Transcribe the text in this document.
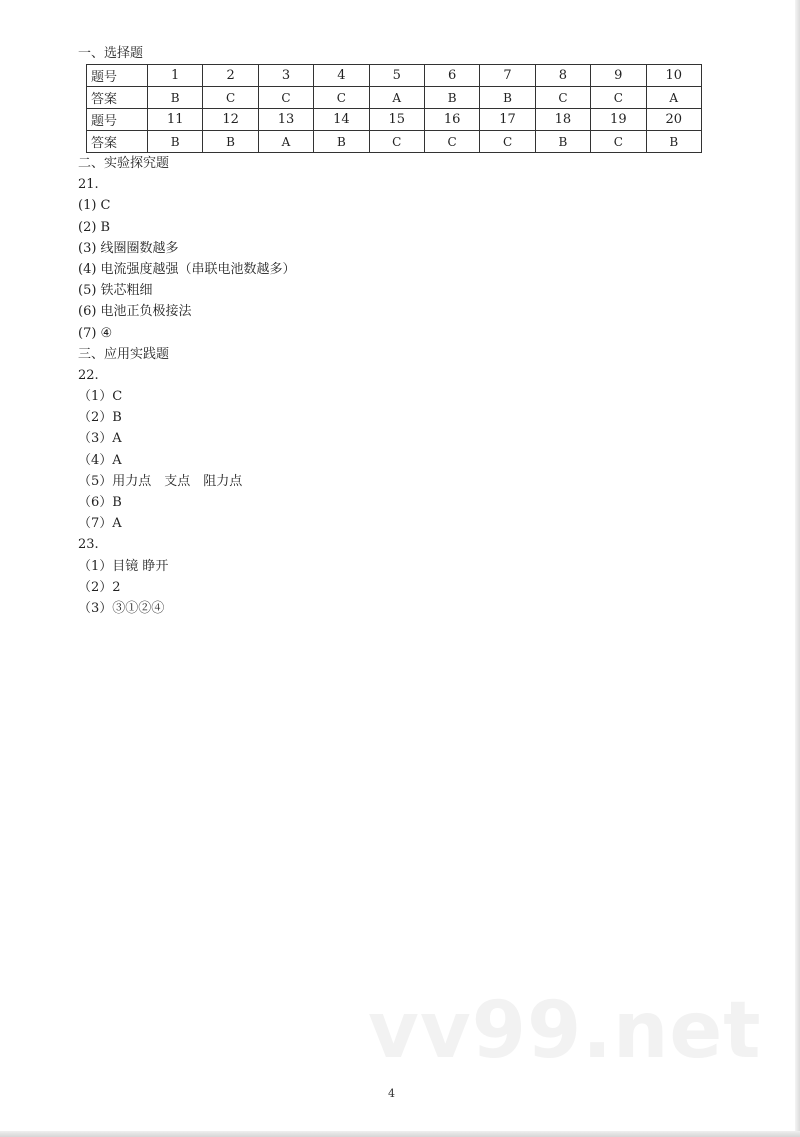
一、选择题
题号	1	2	3	4	5	6	7	8	9	10
答案	B	C	C	C	A	B	B	C	C	A
题号	11	12	13	14	15	16	17	18	19	20
答案	B	B	A	B	C	C	C	B	C	B
二、实验探究题
21.
(1) C
(2) B
(3) 线圈圈数越多
(4) 电流强度越强（串联电池数越多）
(5) 铁芯粗细
(6) 电池正负极接法
(7) ④
三、应用实践题
22.
（1）C
（2）B
（3）A
（4）A
（5）用力点　支点　阻力点
（6）B
（7）A
23.
（1）目镜 睁开
（2）2
（3）③①②④
vv99.net
4
